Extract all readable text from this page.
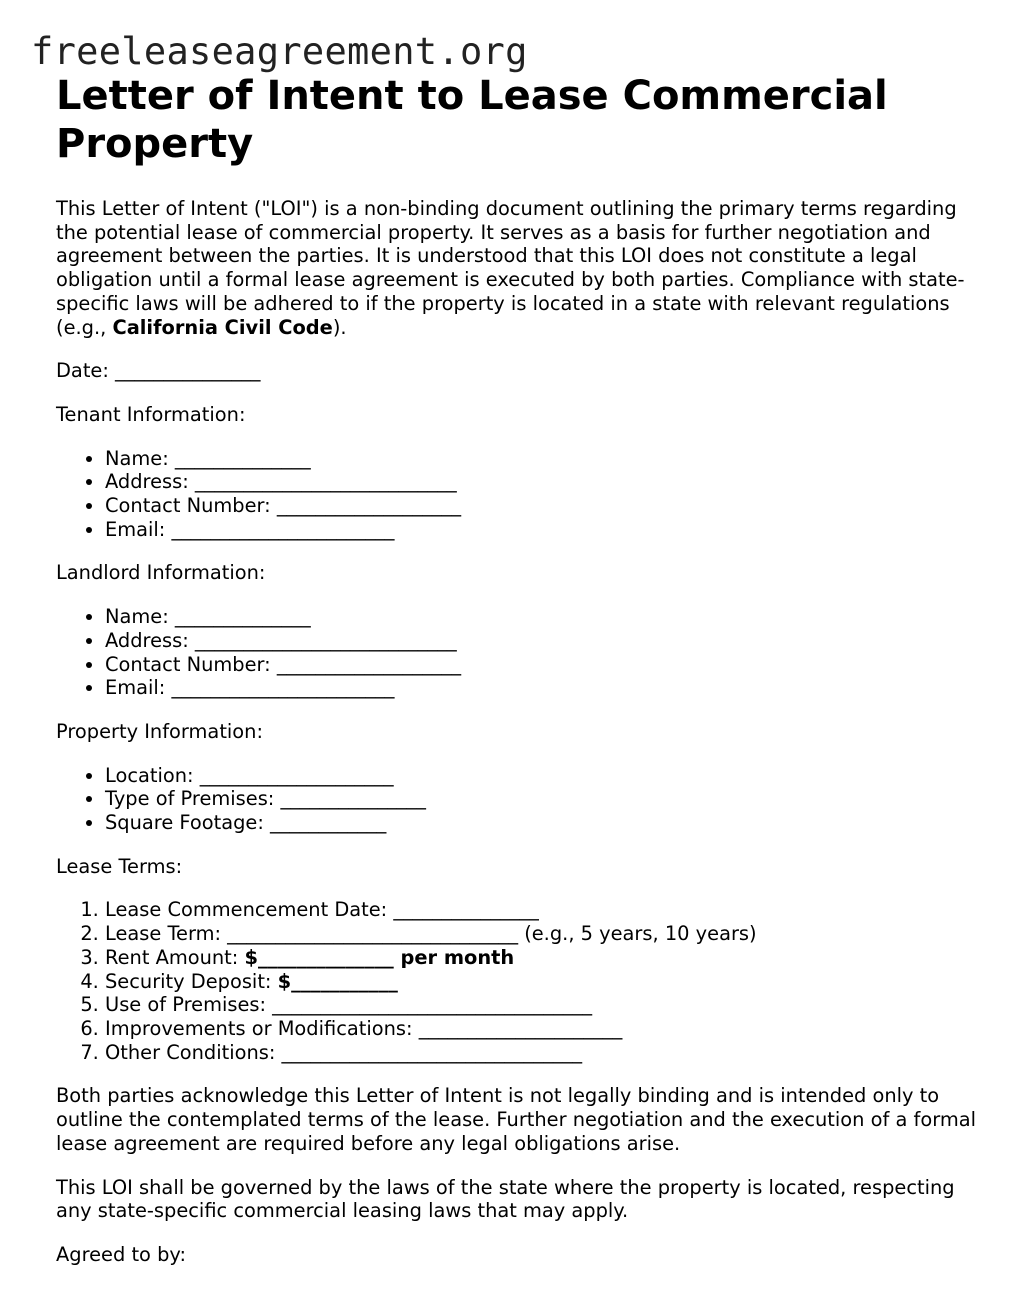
freeleaseagreement.org
Letter of Intent to Lease Commercial Property

This Letter of Intent ("LOI") is a non-binding document outlining the primary terms regarding the potential lease of commercial property. It serves as a basis for further negotiation and agreement between the parties. It is understood that this LOI does not constitute a legal obligation until a formal lease agreement is executed by both parties. Compliance with state-specific laws will be adhered to if the property is located in a state with relevant regulations (e.g., California Civil Code).

Date: _______________

Tenant Information:

• Name: ______________
• Address: ___________________________
• Contact Number: ___________________
• Email: _______________________

Landlord Information:

• Name: ______________
• Address: ___________________________
• Contact Number: ___________________
• Email: _______________________

Property Information:

• Location: ____________________
• Type of Premises: _______________
• Square Footage: ____________

Lease Terms:

1. Lease Commencement Date: _______________
2. Lease Term: ______________________________ (e.g., 5 years, 10 years)
3. Rent Amount: $______________ per month
4. Security Deposit: $___________
5. Use of Premises: _________________________________
6. Improvements or Modifications: _____________________
7. Other Conditions: _______________________________

Both parties acknowledge this Letter of Intent is not legally binding and is intended only to outline the contemplated terms of the lease. Further negotiation and the execution of a formal lease agreement are required before any legal obligations arise.

This LOI shall be governed by the laws of the state where the property is located, respecting any state-specific commercial leasing laws that may apply.

Agreed to by:
